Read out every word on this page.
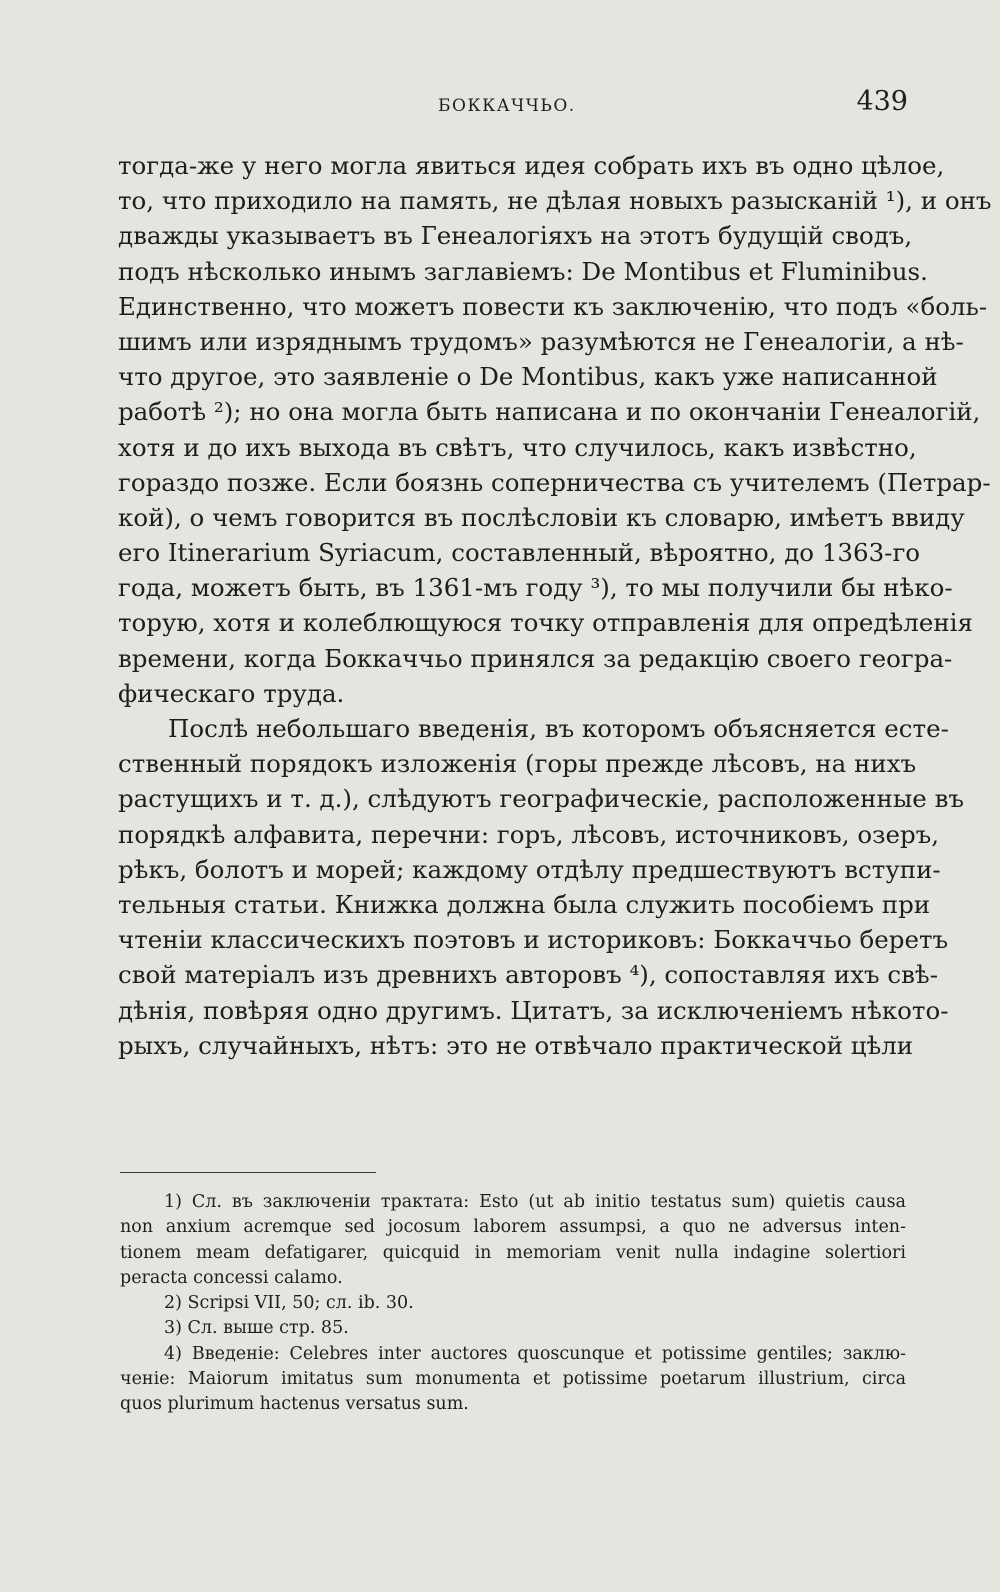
БОККАЧЧЬО.	439
тогда-же у него могла явиться идея собрать ихъ въ одно цѣлое,
то, что приходило на память, не дѣлая новыхъ разысканій ¹), и онъ
дважды указываетъ въ Генеалогіяхъ на этотъ будущій сводъ,
подъ нѣсколько инымъ заглавіемъ: De Montibus et Fluminibus.
Единственно, что можетъ повести къ заключенію, что подъ «боль-
шимъ или изряднымъ трудомъ» разумѣются не Генеалогіи, а нѣ-
что другое, это заявленіе о De Montibus, какъ уже написанной
работѣ ²); но она могла быть написана и по окончаніи Генеалогій,
хотя и до ихъ выхода въ свѣтъ, что случилось, какъ извѣстно,
гораздо позже. Если боязнь соперничества съ учителемъ (Петрар-
кой), о чемъ говорится въ послѣсловіи къ словарю, имѣетъ ввиду
его Itinerarium Syriacum, составленный, вѣроятно, до 1363-го
года, можетъ быть, въ 1361-мъ году ³), то мы получили бы нѣко-
торую, хотя и колеблющуюся точку отправленія для опредѣленія
времени, когда Боккаччьо принялся за редакцію своего геогра-
фическаго труда.
Послѣ небольшаго введенія, въ которомъ объясняется есте-
ственный порядокъ изложенія (горы прежде лѣсовъ, на нихъ
растущихъ и т. д.), слѣдуютъ географическіе, расположенные въ
порядкѣ алфавита, перечни: горъ, лѣсовъ, источниковъ, озеръ,
рѣкъ, болотъ и морей; каждому отдѣлу предшествуютъ вступи-
тельныя статьи. Книжка должна была служить пособіемъ при
чтеніи классическихъ поэтовъ и историковъ: Боккаччьо беретъ
свой матеріалъ изъ древнихъ авторовъ ⁴), сопоставляя ихъ свѣ-
дѣнія, повѣряя одно другимъ. Цитатъ, за исключеніемъ нѣкото-
рыхъ, случайныхъ, нѣтъ: это не отвѣчало практической цѣли
1) Сл. въ заключеніи трактата: Esto (ut ab initio testatus sum) quietis causa
non anxium acremque sed jocosum laborem assumpsi, a quo ne adversus inten-
tionem meam defatigarer, quicquid in memoriam venit nulla indagine solertiori
peracta concessi calamo.
2) Scripsi VII, 50; сл. ib. 30.
3) Сл. выше стр. 85.
4) Введеніе: Celebres inter auctores quoscunque et potissime gentiles; заклю-
ченіе: Maiorum imitatus sum monumenta et potissime poetarum illustrium, circa
quos plurimum hactenus versatus sum.
